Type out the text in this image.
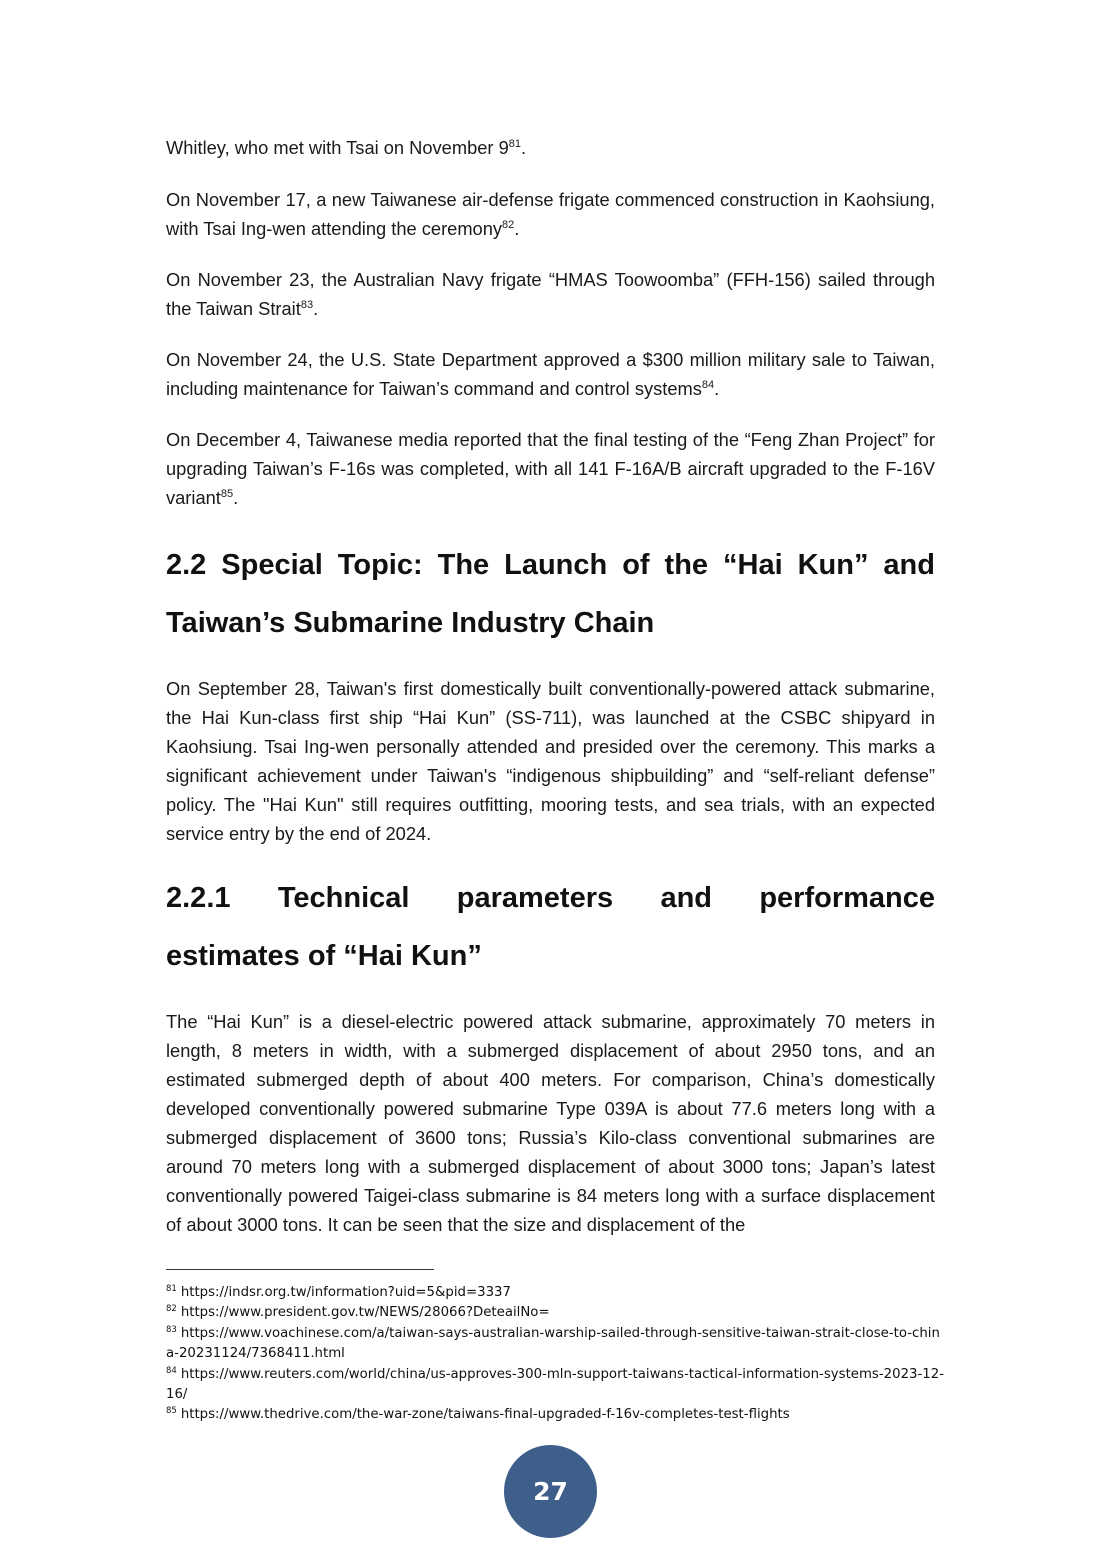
Whitley, who met with Tsai on November $9^{81}$.

On November 17, a new Taiwanese air-defense frigate commenced construction in Kaohsiung, with Tsai Ing-wen attending the ceremony$^{82}$.

On November 23, the Australian Navy frigate “HMAS Toowoomba” (FFH-156) sailed through the Taiwan Strait$^{83}$.

On November 24, the U.S. State Department approved a $300 million military sale to Taiwan, including maintenance for Taiwan’s command and control systems$^{84}$.

On December 4, Taiwanese media reported that the final testing of the “Feng Zhan Project” for upgrading Taiwan’s F-16s was completed, with all 141 F-16A/B aircraft upgraded to the F-16V variant$^{85}$.

2.2 Special Topic: The Launch of the “Hai Kun” and
Taiwan’s Submarine Industry Chain

On September 28, Taiwan's first domestically built conventionally-powered attack submarine, the Hai Kun-class first ship “Hai Kun” (SS-711), was launched at the CSBC shipyard in Kaohsiung. Tsai Ing-wen personally attended and presided over the ceremony. This marks a significant achievement under Taiwan's “indigenous shipbuilding” and “self-reliant defense” policy. The "Hai Kun" still requires outfitting, mooring tests, and sea trials, with an expected service entry by the end of 2024.

2.2.1 Technical parameters and performance
estimates of “Hai Kun”

The “Hai Kun” is a diesel-electric powered attack submarine, approximately 70 meters in length, 8 meters in width, with a submerged displacement of about 2950 tons, and an estimated submerged depth of about 400 meters. For comparison, China’s domestically developed conventionally powered submarine Type 039A is about 77.6 meters long with a submerged displacement of 3600 tons; Russia’s Kilo-class conventional submarines are around 70 meters long with a submerged displacement of about 3000 tons; Japan’s latest conventionally powered Taigei-class submarine is 84 meters long with a surface displacement of about 3000 tons. It can be seen that the size and displacement of the

$^{81}$ https://indsr.org.tw/information?uid=5&pid=3337
$^{82}$ https://www.president.gov.tw/NEWS/28066?DeteailNo=
$^{83}$ https://www.voachinese.com/a/taiwan-says-australian-warship-sailed-through-sensitive-taiwan-strait-close-to-china-20231124/7368411.html
$^{84}$ https://www.reuters.com/world/china/us-approves-300-mln-support-taiwans-tactical-information-systems-2023-12-16/
$^{85}$ https://www.thedrive.com/the-war-zone/taiwans-final-upgraded-f-16v-completes-test-flights
27
